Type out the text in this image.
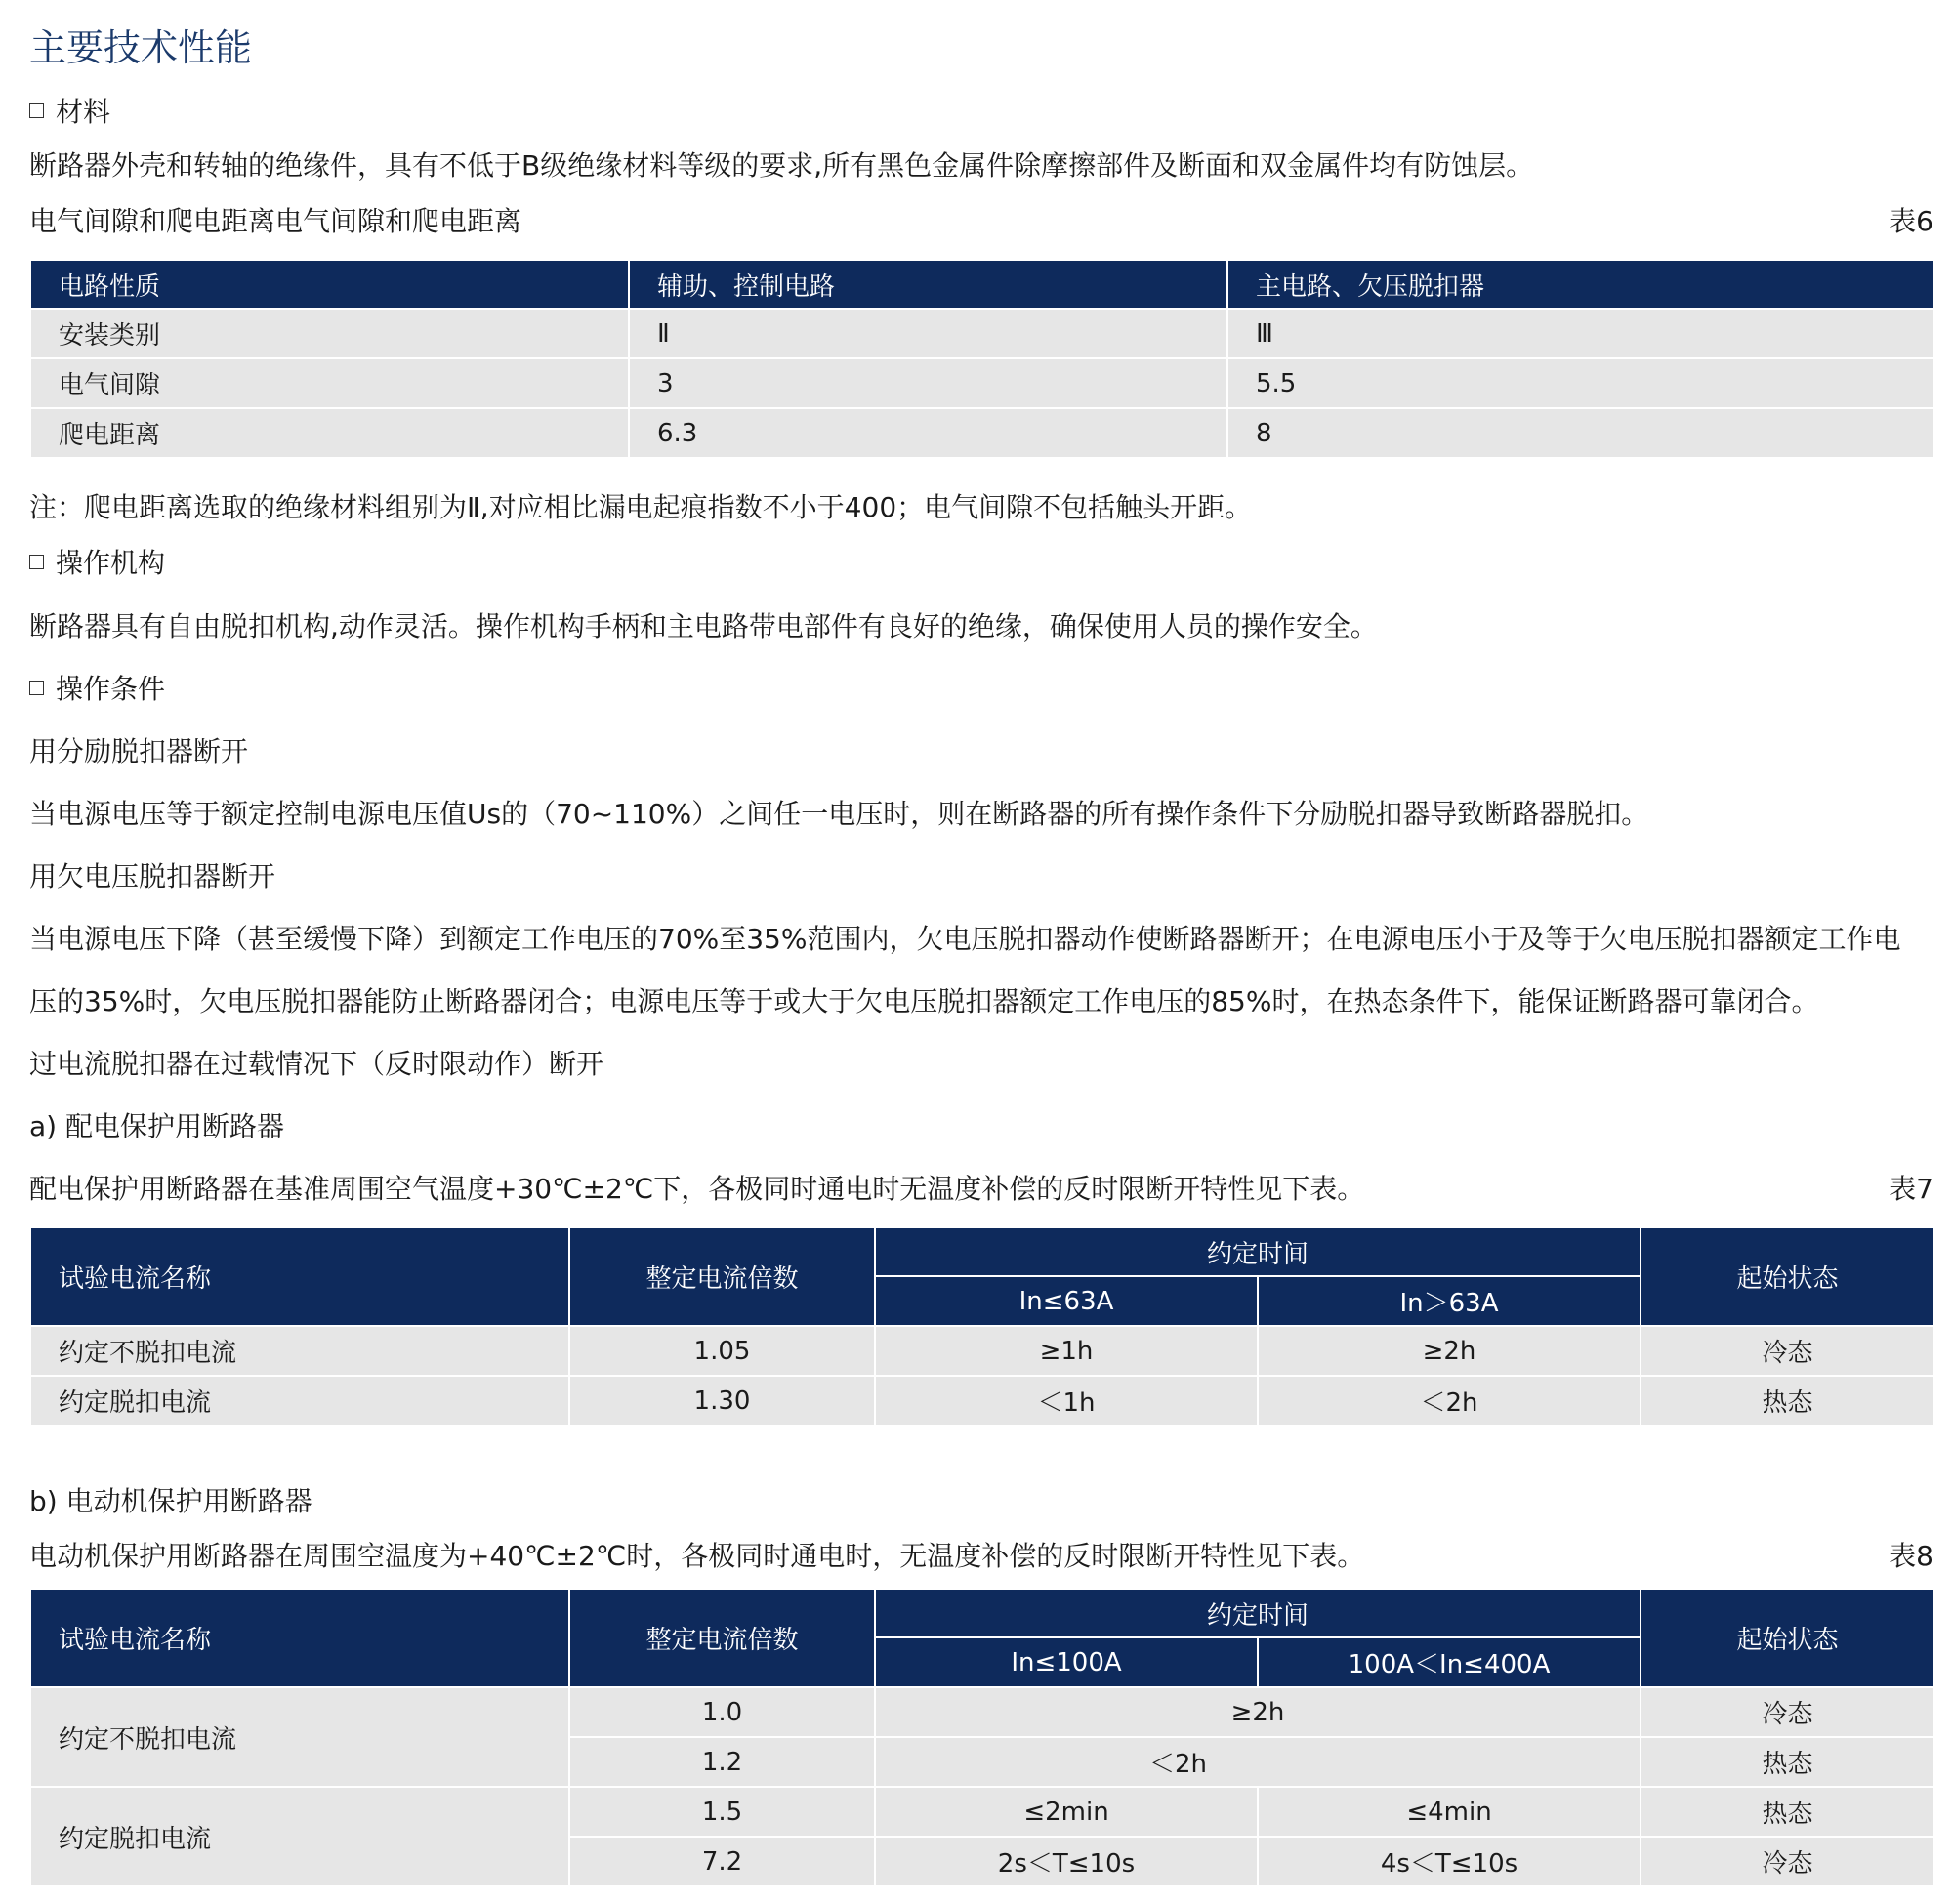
主要技术性能
材料
断路器外壳和转轴的绝缘件，具有不低于B级绝缘材料等级的要求,所有黑色金属件除摩擦部件及断面和双金属件均有防蚀层。
电气间隙和爬电距离电气间隙和爬电距离	表6
电路性质	辅助、控制电路	主电路、欠压脱扣器
安装类别	Ⅱ	Ⅲ
电气间隙	3	5.5
爬电距离	6.3	8
注：爬电距离选取的绝缘材料组别为Ⅱ,对应相比漏电起痕指数不小于400；电气间隙不包括触头开距。
操作机构
断路器具有自由脱扣机构,动作灵活。操作机构手柄和主电路带电部件有良好的绝缘，确保使用人员的操作安全。
操作条件
用分励脱扣器断开
当电源电压等于额定控制电源电压值Us的（70~110%）之间任一电压时，则在断路器的所有操作条件下分励脱扣器导致断路器脱扣。
用欠电压脱扣器断开
当电源电压下降（甚至缓慢下降）到额定工作电压的70%至35%范围内，欠电压脱扣器动作使断路器断开；在电源电压小于及等于欠电压脱扣器额定工作电
压的35%时，欠电压脱扣器能防止断路器闭合；电源电压等于或大于欠电压脱扣器额定工作电压的85%时，在热态条件下，能保证断路器可靠闭合。
过电流脱扣器在过载情况下（反时限动作）断开
a) 配电保护用断路器
配电保护用断路器在基准周围空气温度+30℃±2℃下，各极同时通电时无温度补偿的反时限断开特性见下表。	表7
试验电流名称	整定电流倍数	约定时间		起始状态
		In≤63A	In＞63A	
约定不脱扣电流	1.05	≥1h	≥2h	冷态
约定脱扣电流	1.30	＜1h	＜2h	热态
b) 电动机保护用断路器
电动机保护用断路器在周围空温度为+40℃±2℃时，各极同时通电时，无温度补偿的反时限断开特性见下表。	表8
试验电流名称	整定电流倍数	约定时间		起始状态
		In≤100A	100A＜In≤400A	
约定不脱扣电流	1.0	≥2h		冷态
	1.2	＜2h		热态
约定脱扣电流	1.5	≤2min	≤4min	热态
	7.2	2s＜T≤10s	4s＜T≤10s	冷态
